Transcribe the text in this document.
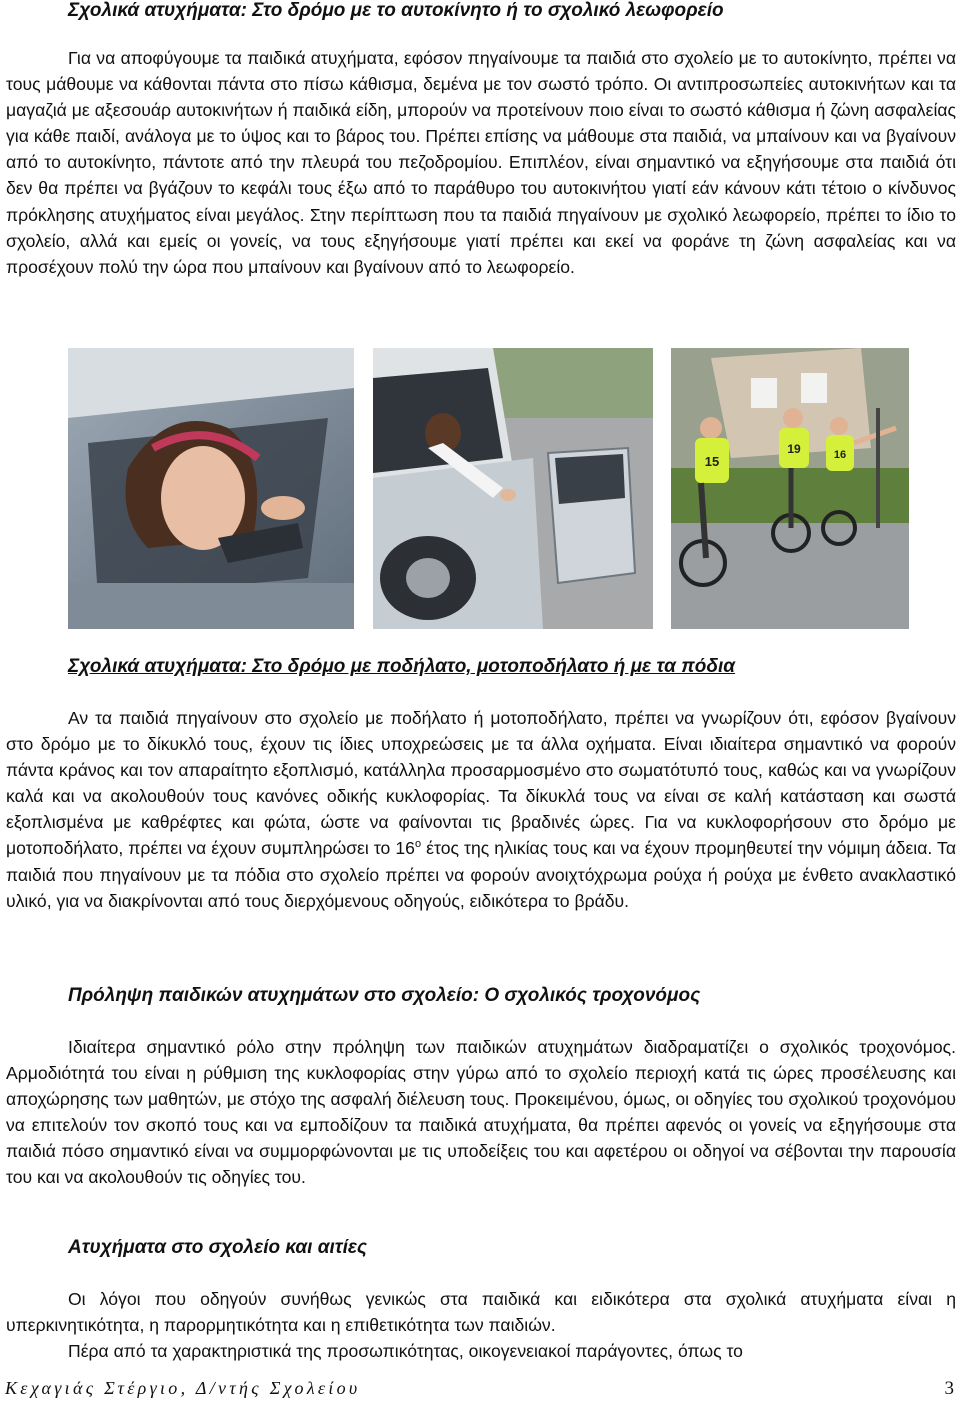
Σχολικά ατυχήματα: Στο δρόμο με το αυτοκίνητο ή το σχολικό λεωφορείο

Για να αποφύγουμε τα παιδικά ατυχήματα, εφόσον πηγαίνουμε τα παιδιά στο σχολείο με το αυτοκίνητο, πρέπει να τους μάθουμε να κάθονται πάντα στο πίσω κάθισμα, δεμένα με τον σωστό τρόπο. Οι αντιπροσωπείες αυτοκινήτων και τα μαγαζιά με αξεσουάρ αυτοκινήτων ή παιδικά είδη, μπορούν να προτείνουν ποιο είναι το σωστό κάθισμα ή ζώνη ασφαλείας για κάθε παιδί, ανάλογα με το ύψος και το βάρος του. Πρέπει επίσης να μάθουμε στα παιδιά, να μπαίνουν και να βγαίνουν από το αυτοκίνητο, πάντοτε από την πλευρά του πεζοδρομίου. Επιπλέον, είναι σημαντικό να εξηγήσουμε στα παιδιά ότι δεν θα πρέπει να βγάζουν το κεφάλι τους έξω από το παράθυρο του αυτοκινήτου γιατί εάν κάνουν κάτι τέτοιο ο κίνδυνος πρόκλησης ατυχήματος είναι μεγάλος. Στην περίπτωση που τα παιδιά πηγαίνουν με σχολικό λεωφορείο, πρέπει το ίδιο το σχολείο, αλλά και εμείς οι γονείς, να τους εξηγήσουμε γιατί πρέπει και εκεί να φοράνε τη ζώνη ασφαλείας και να προσέχουν πολύ την ώρα που μπαίνουν και βγαίνουν από το λεωφορείο.

15
19	16
Σχολικά ατυχήματα: Στο δρόμο με ποδήλατο, μοτοποδήλατο ή με τα πόδια

Αν τα παιδιά πηγαίνουν στο σχολείο με ποδήλατο ή μοτοποδήλατο, πρέπει να γνωρίζουν ότι, εφόσον βγαίνουν στο δρόμο με το δίκυκλό τους, έχουν τις ίδιες υποχρεώσεις με τα άλλα οχήματα. Είναι ιδιαίτερα σημαντικό να φορούν πάντα κράνος και τον απαραίτητο εξοπλισμό, κατάλληλα προσαρμοσμένο στο σωματότυπό τους, καθώς και να γνωρίζουν καλά και να ακολουθούν τους κανόνες οδικής κυκλοφορίας. Τα δίκυκλά τους να είναι σε καλή κατάσταση και σωστά εξοπλισμένα με καθρέφτες και φώτα, ώστε να φαίνονται τις βραδινές ώρες. Για να κυκλοφορήσουν στο δρόμο με μοτοποδήλατο, πρέπει να έχουν συμπληρώσει το $16^o$ έτος της ηλικίας τους και να έχουν προμηθευτεί την νόμιμη άδεια. Τα παιδιά που πηγαίνουν με τα πόδια στο σχολείο πρέπει να φορούν ανοιχτόχρωμα ρούχα ή ρούχα με ένθετο ανακλαστικό υλικό, για να διακρίνονται από τους διερχόμενους οδηγούς, ειδικότερα το βράδυ.

Πρόληψη παιδικών ατυχημάτων στο σχολείο: Ο σχολικός τροχονόμος

Ιδιαίτερα σημαντικό ρόλο στην πρόληψη των παιδικών ατυχημάτων διαδραματίζει ο σχολικός τροχονόμος. Αρμοδιότητά του είναι η ρύθμιση της κυκλοφορίας στην γύρω από το σχολείο περιοχή κατά τις ώρες προσέλευσης και αποχώρησης των μαθητών, με στόχο της ασφαλή διέλευση τους. Προκειμένου, όμως, οι οδηγίες του σχολικού τροχονόμου να επιτελούν τον σκοπό τους και να εμποδίζουν τα παιδικά ατυχήματα, θα πρέπει αφενός οι γονείς να εξηγήσουμε στα παιδιά πόσο σημαντικό είναι να συμμορφώνονται με τις υποδείξεις του και αφετέρου οι οδηγοί να σέβονται την παρουσία του και να ακολουθούν τις οδηγίες του.

Ατυχήματα στο σχολείο και αιτίες

Οι λόγοι που οδηγούν συνήθως γενικώς στα παιδικά και ειδικότερα στα σχολικά ατυχήματα είναι η υπερκινητικότητα, η παρορμητικότητα και η επιθετικότητα των παιδιών.

Πέρα από τα χαρακτηριστικά της προσωπικότητας, οικογενειακοί παράγοντες, όπως το

Κεχαγιάς Στέργιο, Δ/ντής Σχολείου	3
